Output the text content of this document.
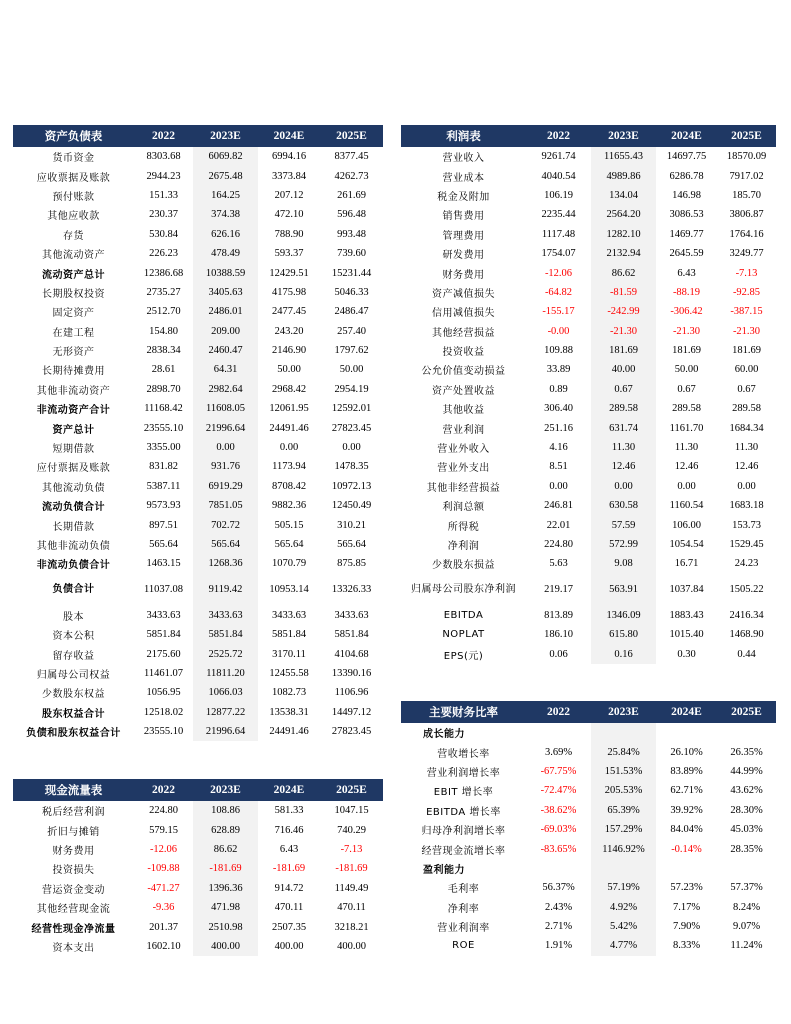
资产负债表	2022	2023E	2024E	2025E
货币资金	8303.68	6069.82	6994.16	8377.45
应收票据及账款	2944.23	2675.48	3373.84	4262.73
预付账款	151.33	164.25	207.12	261.69
其他应收款	230.37	374.38	472.10	596.48
存货	530.84	626.16	788.90	993.48
其他流动资产	226.23	478.49	593.37	739.60
流动资产总计	12386.68	10388.59	12429.51	15231.44
长期股权投资	2735.27	3405.63	4175.98	5046.33
固定资产	2512.70	2486.01	2477.45	2486.47
在建工程	154.80	209.00	243.20	257.40
无形资产	2838.34	2460.47	2146.90	1797.62
长期待摊费用	28.61	64.31	50.00	50.00
其他非流动资产	2898.70	2982.64	2968.42	2954.19
非流动资产合计	11168.42	11608.05	12061.95	12592.01
资产总计	23555.10	21996.64	24491.46	27823.45
短期借款	3355.00	0.00	0.00	0.00
应付票据及账款	831.82	931.76	1173.94	1478.35
其他流动负债	5387.11	6919.29	8708.42	10972.13
流动负债合计	9573.93	7851.05	9882.36	12450.49
长期借款	897.51	702.72	505.15	310.21
其他非流动负债	565.64	565.64	565.64	565.64
非流动负债合计	1463.15	1268.36	1070.79	875.85
负债合计	11037.08	9119.42	10953.14	13326.33
股本	3433.63	3433.63	3433.63	3433.63
资本公积	5851.84	5851.84	5851.84	5851.84
留存收益	2175.60	2525.72	3170.11	4104.68
归属母公司权益	11461.07	11811.20	12455.58	13390.16
少数股东权益	1056.95	1066.03	1082.73	1106.96
股东权益合计	12518.02	12877.22	13538.31	14497.12
负债和股东权益合计	23555.10	21996.64	24491.46	27823.45
利润表	2022	2023E	2024E	2025E
营业收入	9261.74	11655.43	14697.75	18570.09
营业成本	4040.54	4989.86	6286.78	7917.02
税金及附加	106.19	134.04	146.98	185.70
销售费用	2235.44	2564.20	3086.53	3806.87
管理费用	1117.48	1282.10	1469.77	1764.16
研发费用	1754.07	2132.94	2645.59	3249.77
财务费用	-12.06	86.62	6.43	-7.13
资产减值损失	-64.82	-81.59	-88.19	-92.85
信用减值损失	-155.17	-242.99	-306.42	-387.15
其他经营损益	-0.00	-21.30	-21.30	-21.30
投资收益	109.88	181.69	181.69	181.69
公允价值变动损益	33.89	40.00	50.00	60.00
资产处置收益	0.89	0.67	0.67	0.67
其他收益	306.40	289.58	289.58	289.58
营业利润	251.16	631.74	1161.70	1684.34
营业外收入	4.16	11.30	11.30	11.30
营业外支出	8.51	12.46	12.46	12.46
其他非经营损益	0.00	0.00	0.00	0.00
利润总额	246.81	630.58	1160.54	1683.18
所得税	22.01	57.59	106.00	153.73
净利润	224.80	572.99	1054.54	1529.45
少数股东损益	5.63	9.08	16.71	24.23
归属母公司股东净利润	219.17	563.91	1037.84	1505.22
EBITDA	813.89	1346.09	1883.43	2416.34
NOPLAT	186.10	615.80	1015.40	1468.90
EPS(元)	0.06	0.16	0.30	0.44
现金流量表	2022	2023E	2024E	2025E
税后经营利润	224.80	108.86	581.33	1047.15
折旧与摊销	579.15	628.89	716.46	740.29
财务费用	-12.06	86.62	6.43	-7.13
投资损失	-109.88	-181.69	-181.69	-181.69
营运资金变动	-471.27	1396.36	914.72	1149.49
其他经营现金流	-9.36	471.98	470.11	470.11
经营性现金净流量	201.37	2510.98	2507.35	3218.21
资本支出	1602.10	400.00	400.00	400.00
主要财务比率	2022	2023E	2024E	2025E
成长能力				
营收增长率	3.69%	25.84%	26.10%	26.35%
营业利润增长率	-67.75%	151.53%	83.89%	44.99%
EBIT 增长率	-72.47%	205.53%	62.71%	43.62%
EBITDA 增长率	-38.62%	65.39%	39.92%	28.30%
归母净利润增长率	-69.03%	157.29%	84.04%	45.03%
经营现金流增长率	-83.65%	1146.92%	-0.14%	28.35%
盈利能力				
毛利率	56.37%	57.19%	57.23%	57.37%
净利率	2.43%	4.92%	7.17%	8.24%
营业利润率	2.71%	5.42%	7.90%	9.07%
ROE	1.91%	4.77%	8.33%	11.24%
